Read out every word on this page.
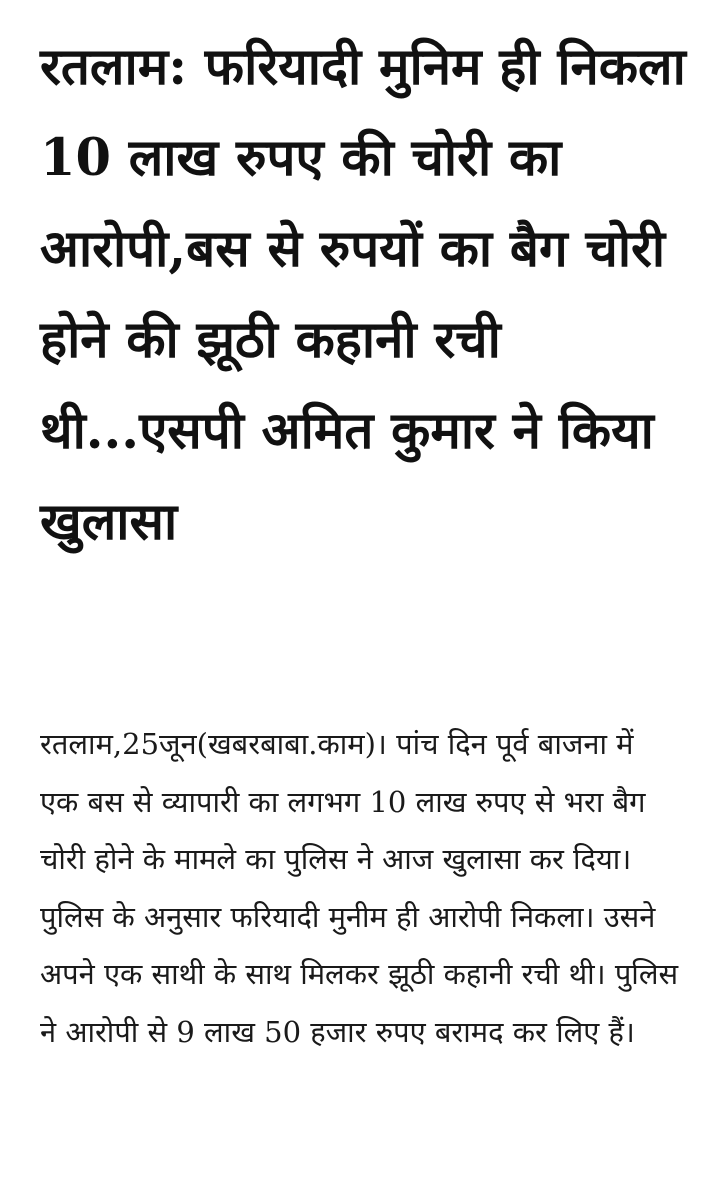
रतलाम: फरियादी मुनिम ही निकला 10 लाख रुपए की चोरी का आरोपी,बस से रुपयों का बैग चोरी होने की झूठी कहानी रची थी...एसपी अमित कुमार ने किया खुलासा

रतलाम,25जून(खबरबाबा.काम)। पांच दिन पूर्व बाजना में एक बस से व्यापारी का लगभग 10 लाख रुपए से भरा बैग चोरी होने के मामले का पुलिस ने आज खुलासा कर दिया। पुलिस के अनुसार फरियादी मुनीम ही आरोपी निकला। उसने अपने एक साथी के साथ मिलकर झूठी कहानी रची थी। पुलिस ने आरोपी से 9 लाख 50 हजार रुपए बरामद कर लिए हैं।
